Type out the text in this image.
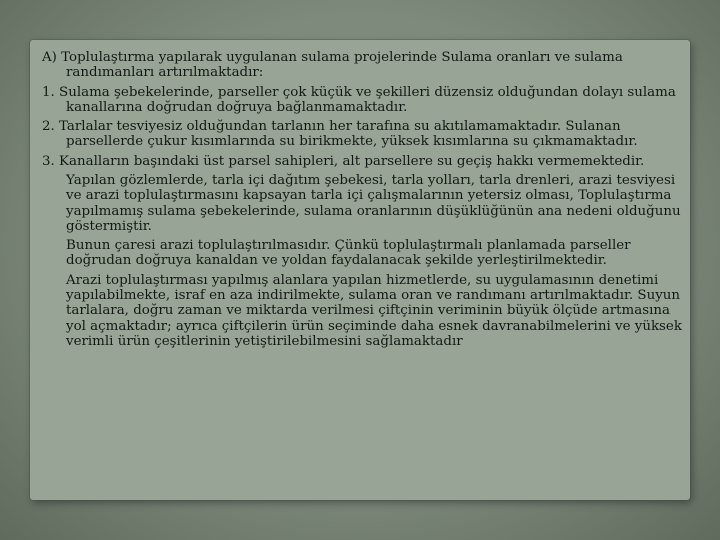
A) Toplulaştırma yapılarak uygulanan sulama projelerinde Sulama oranları ve sulama randımanları artırılmaktadır:

1. Sulama şebekelerinde, parseller çok küçük ve şekilleri düzensiz olduğundan dolayı sulama kanallarına doğrudan doğruya bağlanmamaktadır.

2. Tarlalar tesviyesiz olduğundan tarlanın her tarafına su akıtılamamaktadır. Sulanan parsellerde çukur kısımlarında su birikmekte, yüksek kısımlarına su çıkmamaktadır.

3. Kanalların başındaki üst parsel sahipleri, alt parsellere su geçiş hakkı vermemektedir.

Yapılan gözlemlerde, tarla içi dağıtım şebekesi, tarla yolları, tarla drenleri, arazi tesviyesi ve arazi toplulaştırmasını kapsayan tarla içi çalışmalarının yetersiz olması, Toplulaştırma yapılmamış sulama şebekelerinde, sulama oranlarının düşüklüğünün ana nedeni olduğunu göstermiştir.

Bunun çaresi arazi toplulaştırılmasıdır. Çünkü toplulaştırmalı planlamada parseller doğrudan doğruya kanaldan ve yoldan faydalanacak şekilde yerleştirilmektedir.

Arazi toplulaştırması yapılmış alanlara yapılan hizmetlerde, su uygulamasının denetimi yapılabilmekte, israf en aza indirilmekte, sulama oran ve randımanı artırılmaktadır. Suyun tarlalara, doğru zaman ve miktarda verilmesi çiftçinin veriminin büyük ölçüde artmasına yol açmaktadır; ayrıca çiftçilerin ürün seçiminde daha esnek davranabilmelerini ve yüksek verimli ürün çeşitlerinin yetiştirilebilmesini sağlamaktadır
